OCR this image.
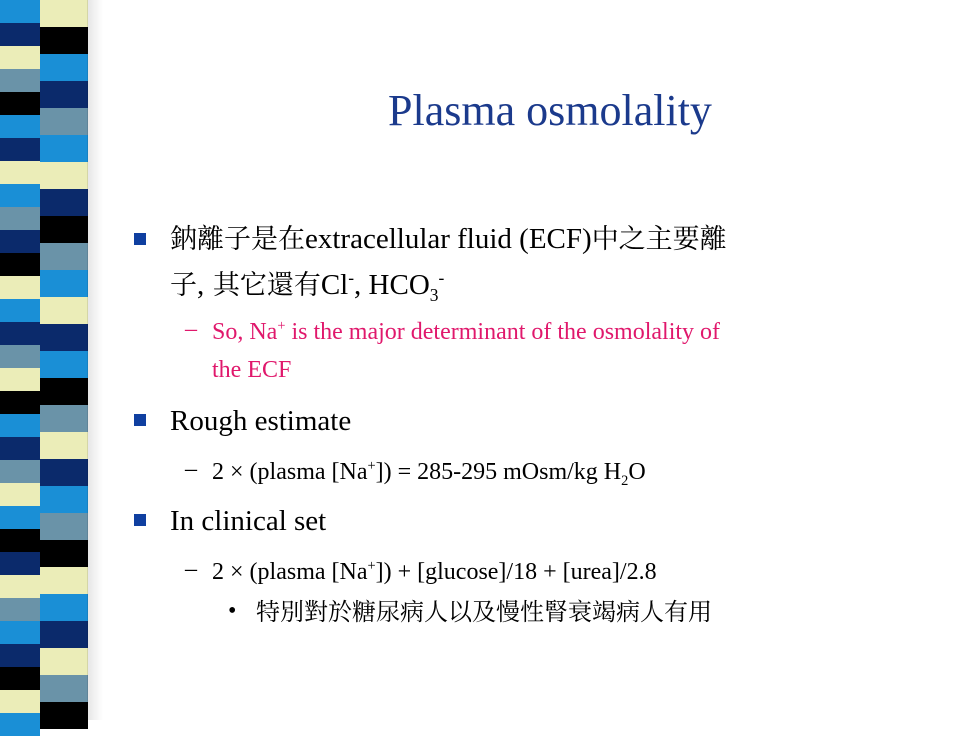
Plasma osmolality
鈉離子是在extracellular fluid (ECF)中之主要離
子, 其它還有Cl-, $HCO_3^-$
– So, Na+ is the major determinant of the osmolality of
the ECF
Rough estimate
– 2 × (plasma [Na+]) = 285-295 mOsm/kg $H_2O$
In clinical set
– 2 × (plasma [Na+]) + [glucose]/18 + [urea]/2.8
• 特別對於糖尿病人以及慢性腎衰竭病人有用
